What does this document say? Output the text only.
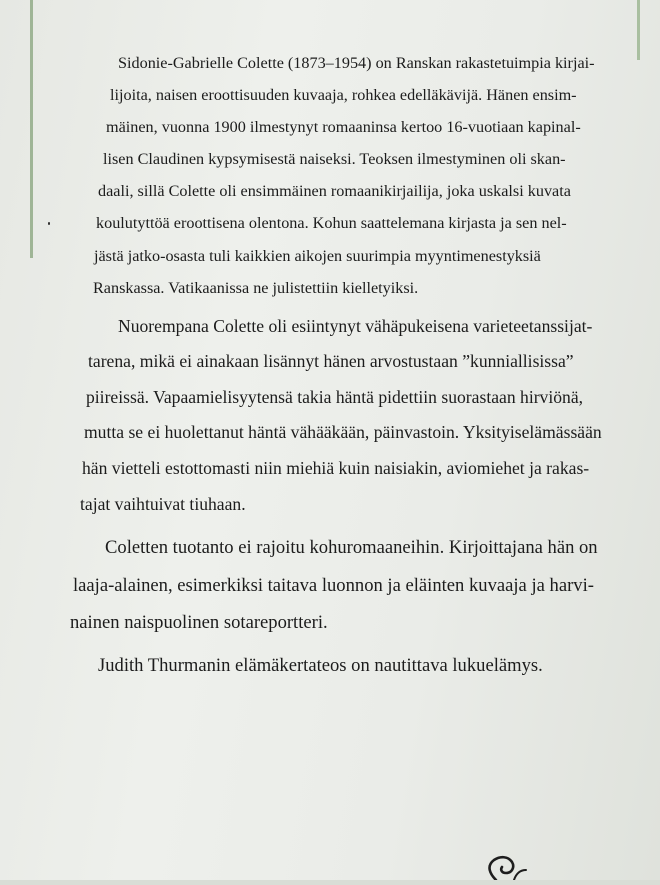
Sidonie-Gabrielle Colette (1873–1954) on Ranskan rakastetuimpia kirjai-

lijoita, naisen eroottisuuden kuvaaja, rohkea edelläkävijä. Hänen ensim-

mäinen, vuonna 1900 ilmestynyt romaaninsa kertoo 16-vuotiaan kapinal-

lisen Claudinen kypsymisestä naiseksi. Teoksen ilmestyminen oli skan-

daali, sillä Colette oli ensimmäinen romaanikirjailija, joka uskalsi kuvata

koulutyttöä eroottisena olentona. Kohun saattelemana kirjasta ja sen nel-

jästä jatko-osasta tuli kaikkien aikojen suurimpia myyntimenestyksiä

Ranskassa. Vatikaanissa ne julistettiin kielletyiksi.

Nuorempana Colette oli esiintynyt vähäpukeisena varieteetanssijat-

tarena, mikä ei ainakaan lisännyt hänen arvostustaan ”kunniallisissa”

piireissä. Vapaamielisyytensä takia häntä pidettiin suorastaan hirviönä,

mutta se ei huolettanut häntä vähääkään, päinvastoin. Yksityiselämässään

hän vietteli estottomasti niin miehiä kuin naisiakin, aviomiehet ja rakas-

tajat vaihtuivat tiuhaan.

Coletten tuotanto ei rajoitu kohuromaaneihin. Kirjoittajana hän on

laaja-alainen, esimerkiksi taitava luonnon ja eläinten kuvaaja ja harvi-

nainen naispuolinen sotareportteri.

Judith Thurmanin elämäkertateos on nautittava lukuelämys.
